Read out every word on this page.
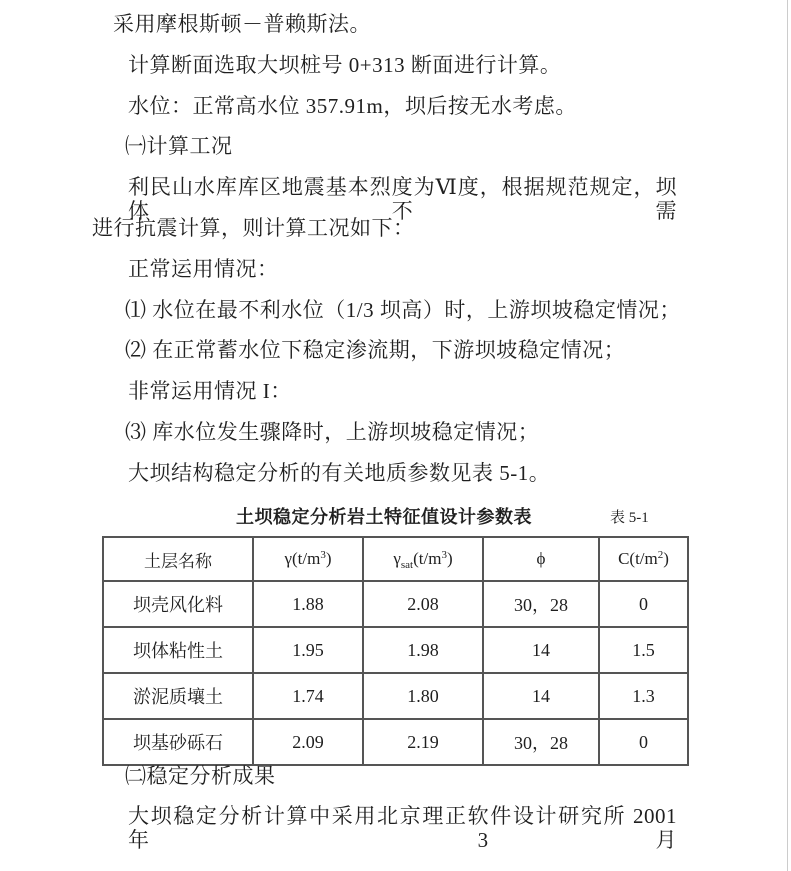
采用摩根斯顿－普赖斯法。
计算断面选取大坝桩号 0+313 断面进行计算。
水位：正常高水位 357.91m，坝后按无水考虑。
㈠计算工况
利民山水库库区地震基本烈度为Ⅵ度，根据规范规定，坝体不需
进行抗震计算，则计算工况如下：
正常运用情况：
⑴ 水位在最不利水位（1/3 坝高）时，上游坝坡稳定情况；
⑵ 在正常蓄水位下稳定渗流期，下游坝坡稳定情况；
非常运用情况 I：
⑶ 库水位发生骤降时，上游坝坡稳定情况；
大坝结构稳定分析的有关地质参数见表 5-1。
土坝稳定分析岩土特征值设计参数表	表 5-1
土层名称	$\gamma(t/m^3)$	$\gamma_{sat}(t/m^3)$	ϕ	$C(t/m^2)$
坝壳风化料	1.88	2.08	30，28	0
坝体粘性土	1.95	1.98	14	1.5
淤泥质壤土	1.74	1.80	14	1.3
坝基砂砾石	2.09	2.19	30，28	0
㈡稳定分析成果
大坝稳定分析计算中采用北京理正软件设计研究所 2001 年 3 月
